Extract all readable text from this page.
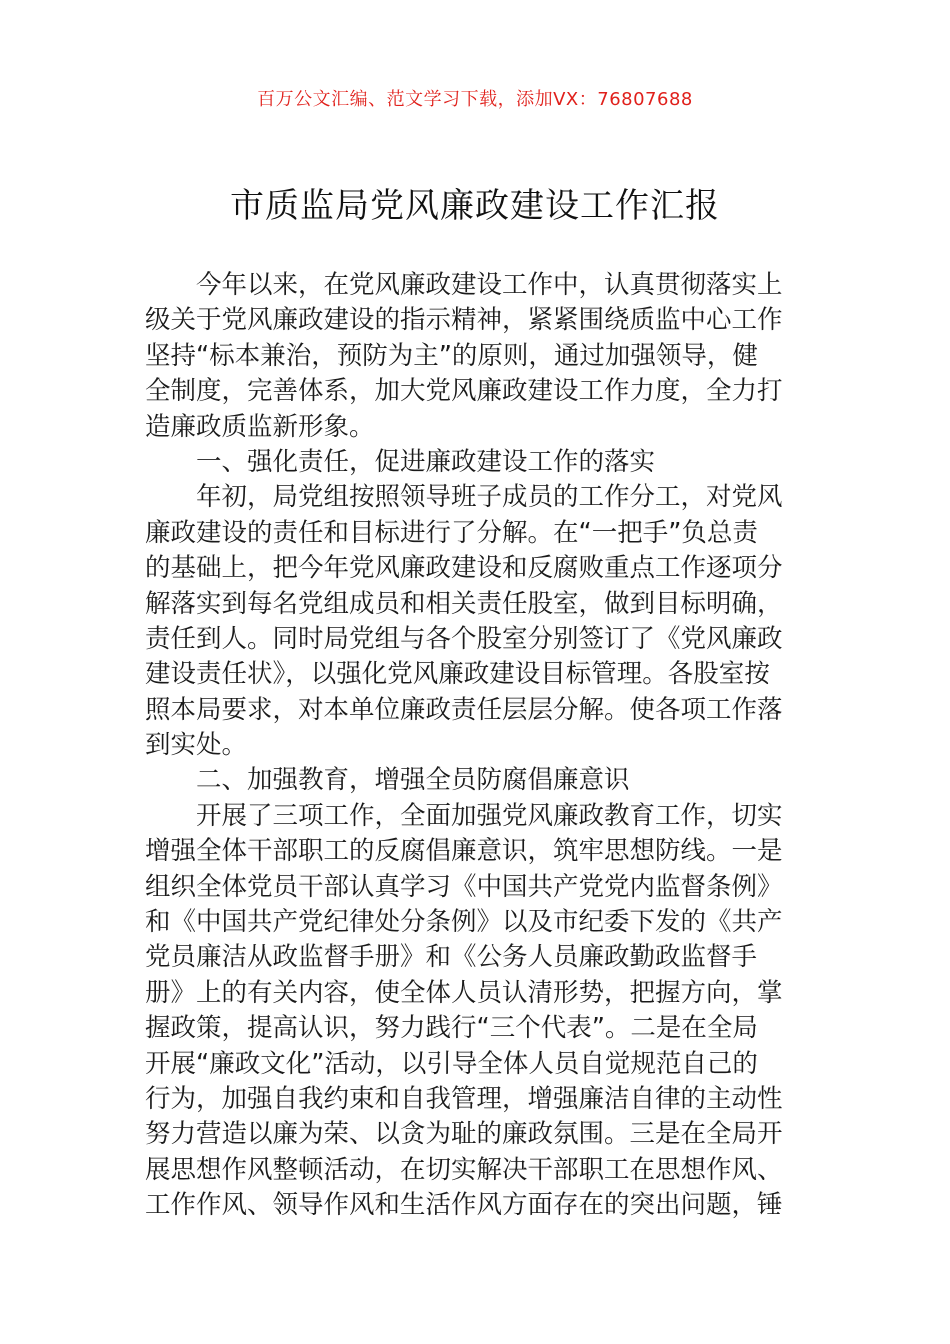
百万公文汇编、范文学习下载，添加VX：76807688
市质监局党风廉政建设工作汇报
今年以来，在党风廉政建设工作中，认真贯彻落实上
级关于党风廉政建设的指示精神，紧紧围绕质监中心工作
坚持“标本兼治，预防为主”的原则，通过加强领导，健
全制度，完善体系，加大党风廉政建设工作力度，全力打
造廉政质监新形象。
一、强化责任，促进廉政建设工作的落实
年初，局党组按照领导班子成员的工作分工，对党风
廉政建设的责任和目标进行了分解。在“一把手”负总责
的基础上，把今年党风廉政建设和反腐败重点工作逐项分
解落实到每名党组成员和相关责任股室，做到目标明确，
责任到人。同时局党组与各个股室分别签订了《党风廉政
建设责任状》，以强化党风廉政建设目标管理。各股室按
照本局要求，对本单位廉政责任层层分解。使各项工作落
到实处。
二、加强教育，增强全员防腐倡廉意识
开展了三项工作，全面加强党风廉政教育工作，切实
增强全体干部职工的反腐倡廉意识，筑牢思想防线。一是
组织全体党员干部认真学习《中国共产党党内监督条例》
和《中国共产党纪律处分条例》以及市纪委下发的《共产
党员廉洁从政监督手册》和《公务人员廉政勤政监督手
册》上的有关内容，使全体人员认清形势，把握方向，掌
握政策，提高认识，努力践行“三个代表”。二是在全局
开展“廉政文化”活动，以引导全体人员自觉规范自己的
行为，加强自我约束和自我管理，增强廉洁自律的主动性
努力营造以廉为荣、以贪为耻的廉政氛围。三是在全局开
展思想作风整顿活动，在切实解决干部职工在思想作风、
工作作风、领导作风和生活作风方面存在的突出问题，锤
